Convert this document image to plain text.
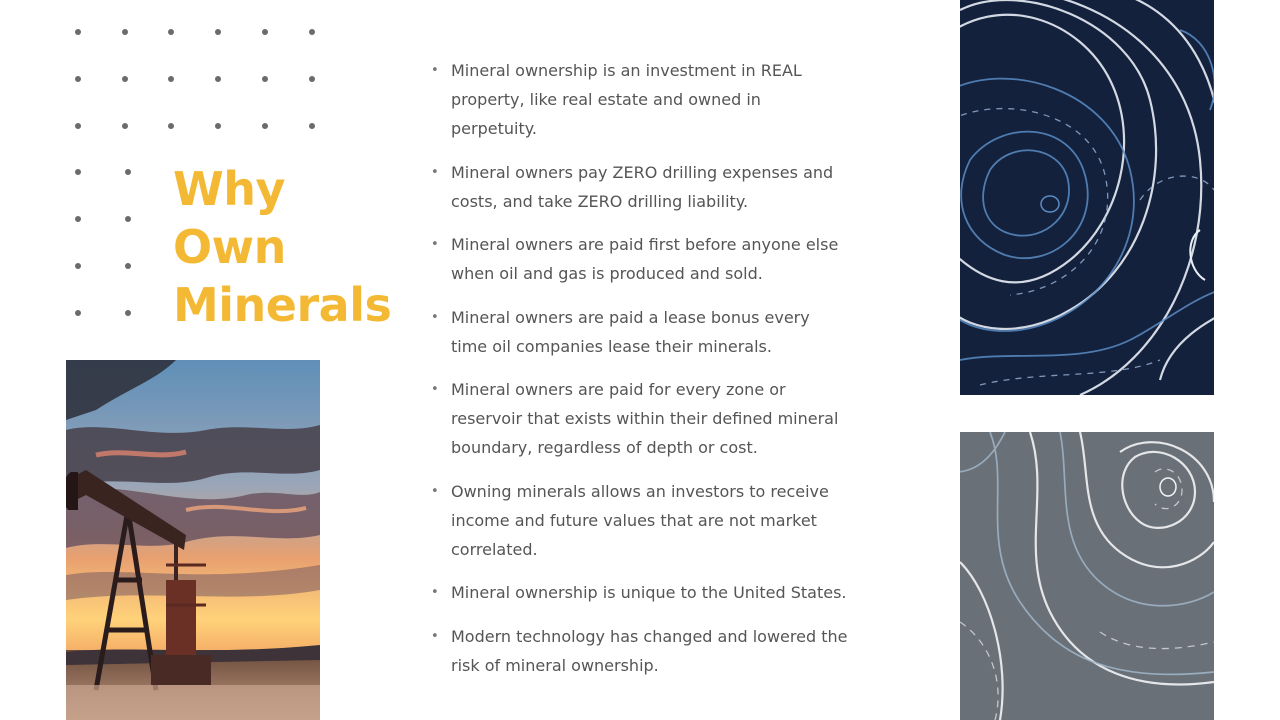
Why
Own
Minerals
• Mineral ownership is an investment in REAL property, like real estate and owned in perpetuity.
• Mineral owners pay ZERO drilling expenses and costs, and take ZERO drilling liability.
• Mineral owners are paid first before anyone else when oil and gas is produced and sold.
• Mineral owners are paid a lease bonus every time oil companies lease their minerals.
• Mineral owners are paid for every zone or reservoir that exists within their defined mineral boundary, regardless of depth or cost.
• Owning minerals allows an investors to receive income and future values that are not market correlated.
• Mineral ownership is unique to the United States.
• Modern technology has changed and lowered the risk of mineral ownership.
